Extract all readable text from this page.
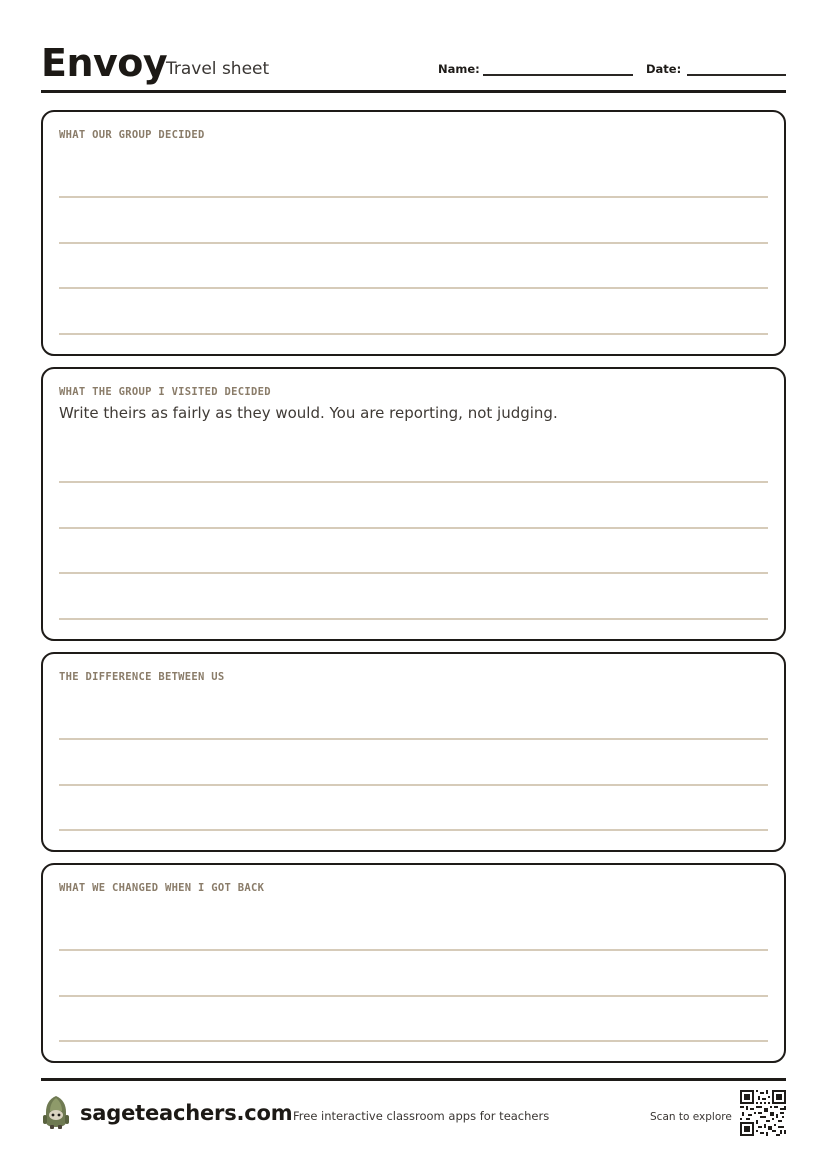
Envoy
Travel sheet	Name:	Date:
WHAT OUR GROUP DECIDED
WHAT THE GROUP I VISITED DECIDED
Write theirs as fairly as they would. You are reporting, not judging.
THE DIFFERENCE BETWEEN US
WHAT WE CHANGED WHEN I GOT BACK
sageteachers.com Free interactive classroom apps for teachers	Scan to explore
